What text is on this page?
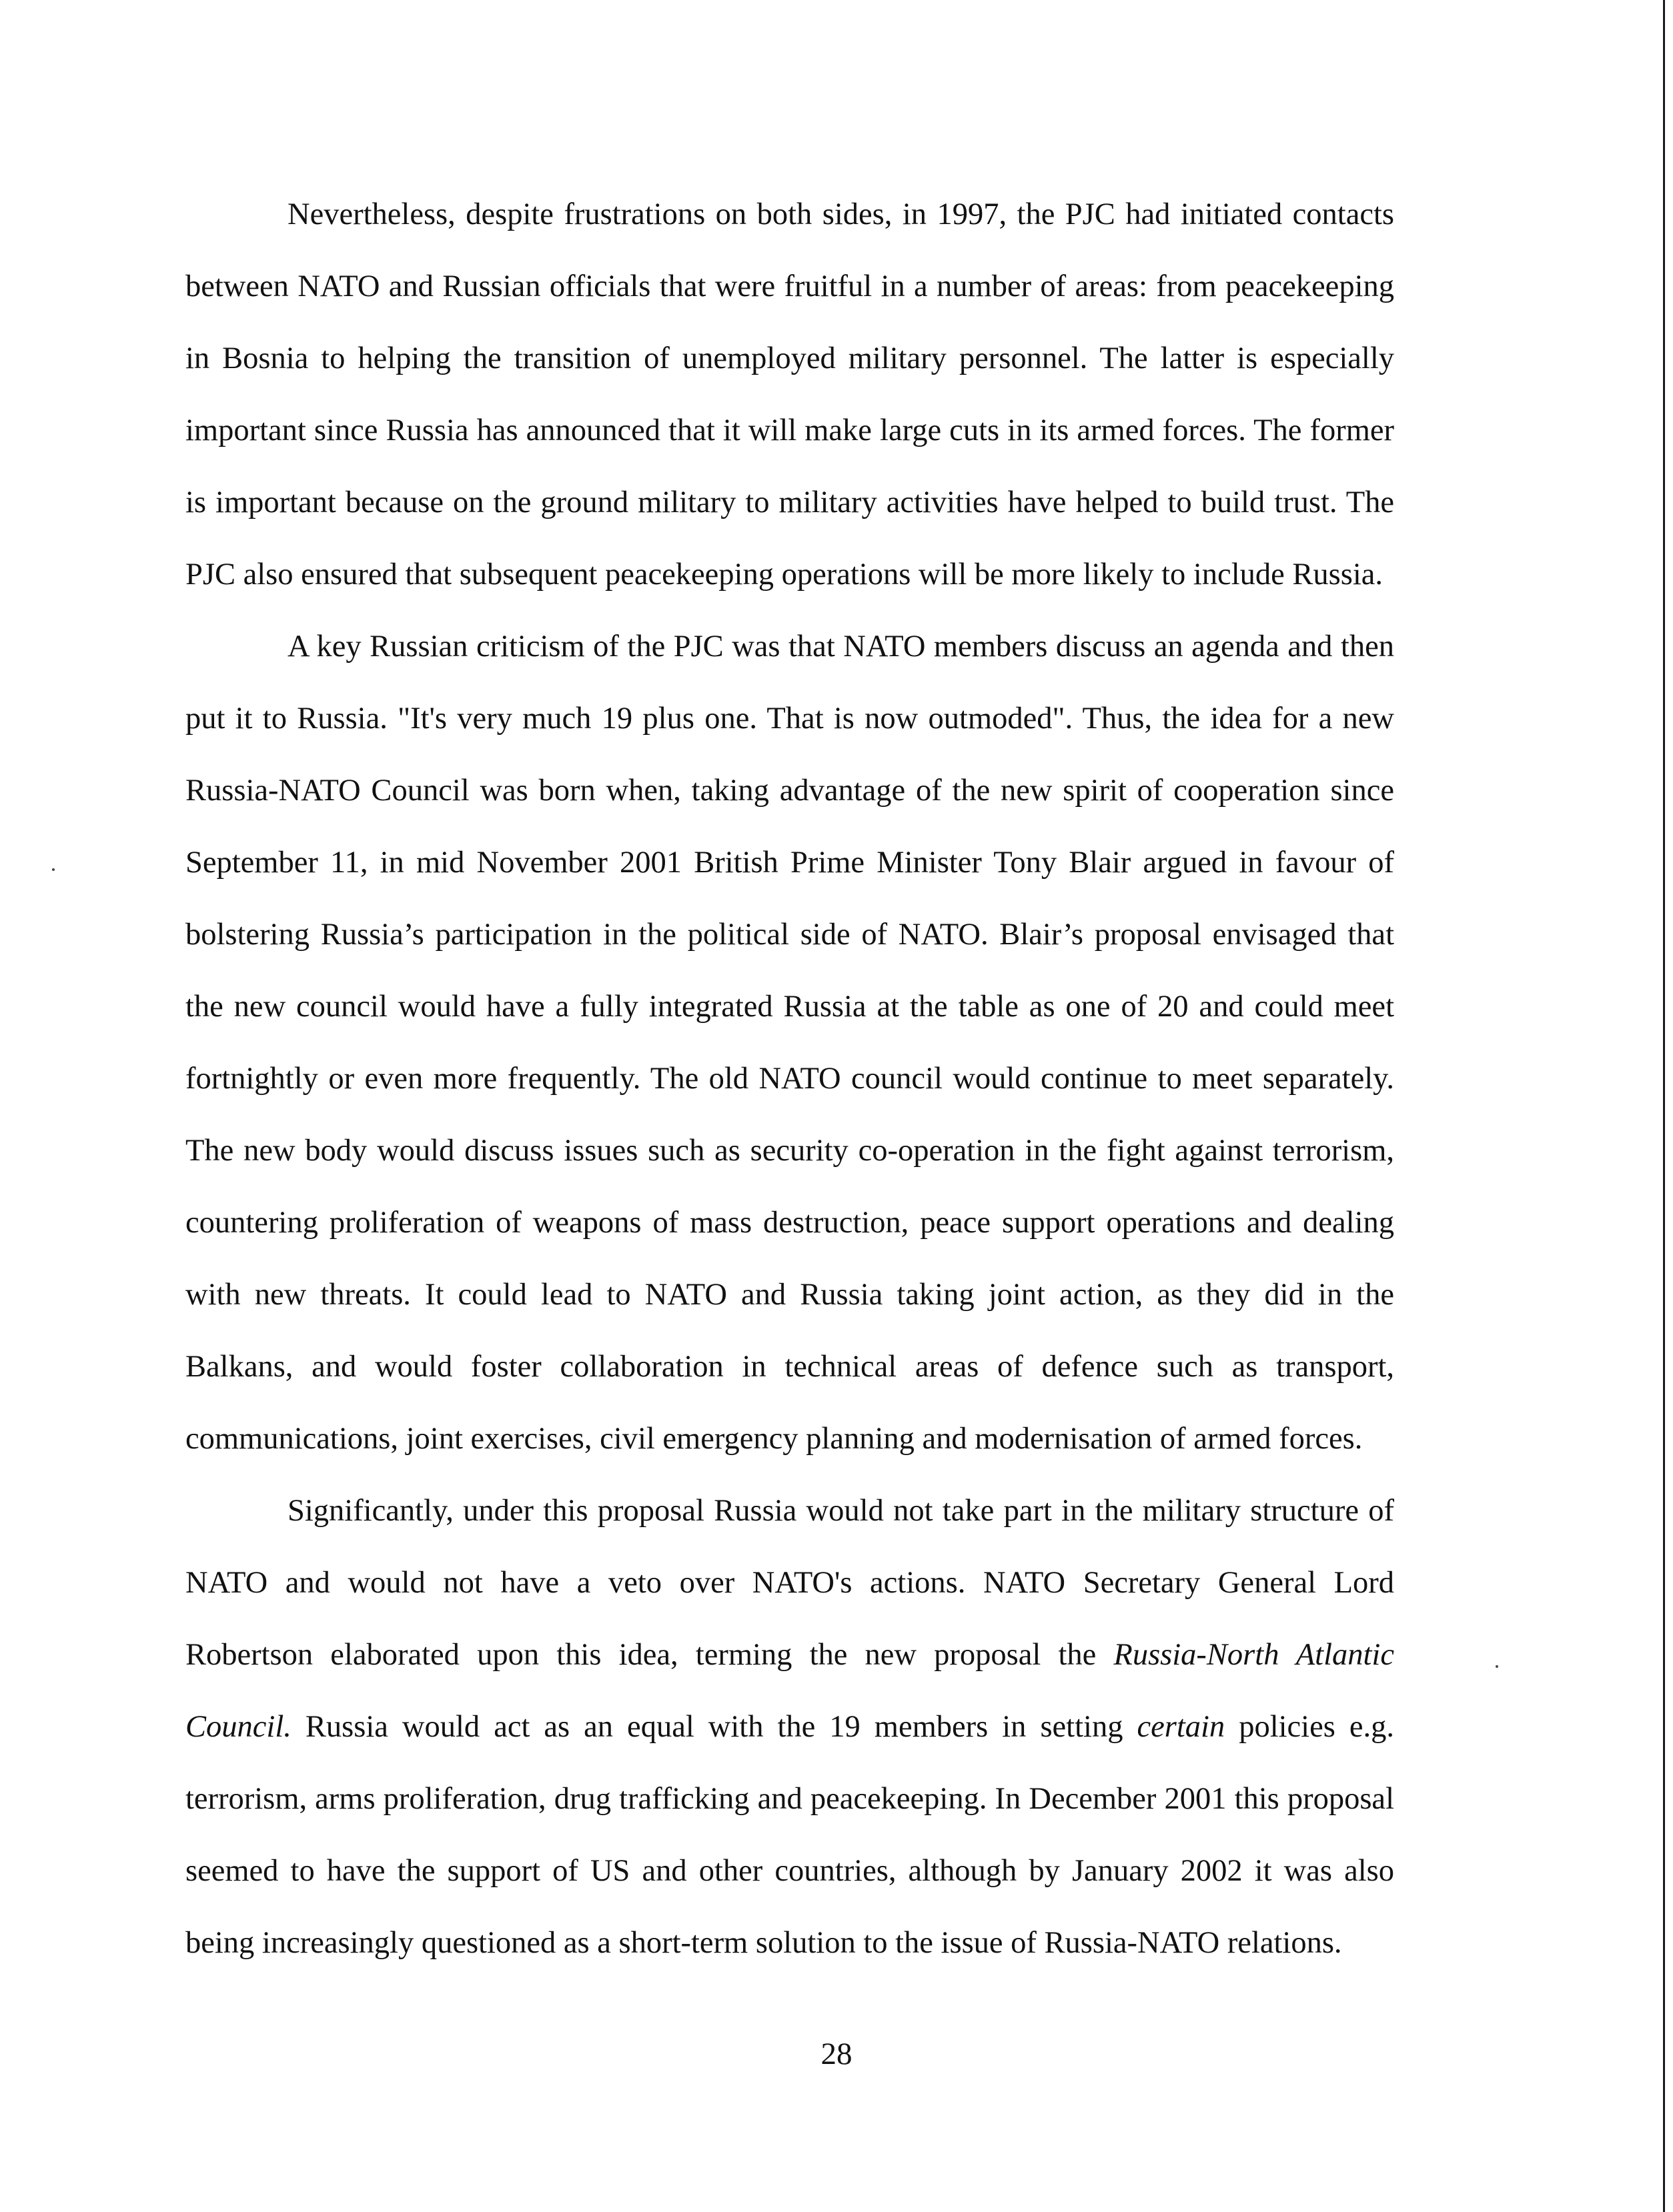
Nevertheless, despite frustrations on both sides, in 1997, the PJC had initiated contacts between NATO and Russian officials that were fruitful in a number of areas: from peacekeeping in Bosnia to helping the transition of unemployed military personnel. The latter is especially important since Russia has announced that it will make large cuts in its armed forces. The former is important because on the ground military to military activities have helped to build trust. The PJC also ensured that subsequent peacekeeping operations will be more likely to include Russia.

A key Russian criticism of the PJC was that NATO members discuss an agenda and then put it to Russia. "It's very much 19 plus one. That is now outmoded". Thus, the idea for a new Russia-NATO Council was born when, taking advantage of the new spirit of cooperation since September 11, in mid November 2001 British Prime Minister Tony Blair argued in favour of bolstering Russia’s participation in the political side of NATO. Blair’s proposal envisaged that the new council would have a fully integrated Russia at the table as one of 20 and could meet fortnightly or even more frequently. The old NATO council would continue to meet separately. The new body would discuss issues such as security co-operation in the fight against terrorism, countering proliferation of weapons of mass destruction, peace support operations and dealing with new threats. It could lead to NATO and Russia taking joint action, as they did in the Balkans, and would foster collaboration in technical areas of defence such as transport, communications, joint exercises, civil emergency planning and modernisation of armed forces.

Significantly, under this proposal Russia would not take part in the military structure of NATO and would not have a veto over NATO's actions. NATO Secretary General Lord Robertson elaborated upon this idea, terming the new proposal the Russia-North Atlantic Council. Russia would act as an equal with the 19 members in setting certain policies e.g. terrorism, arms proliferation, drug trafficking and peacekeeping. In December 2001 this proposal seemed to have the support of US and other countries, although by January 2002 it was also being increasingly questioned as a short-term solution to the issue of Russia-NATO relations.

28
